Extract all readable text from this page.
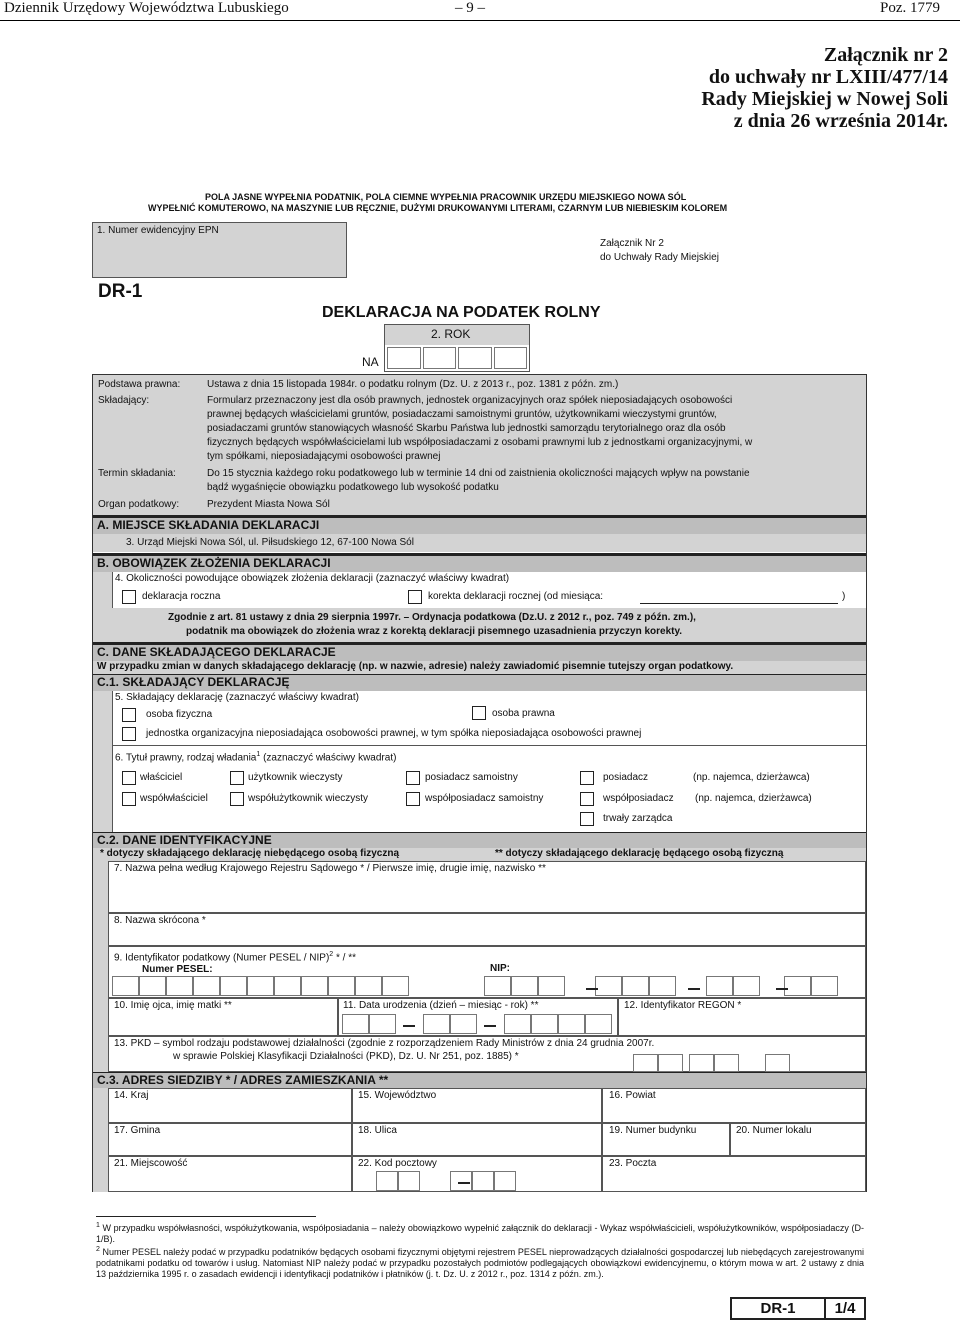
Dziennik Urzędowy Województwa Lubuskiego	– 9 –	Poz. 1779
Załącznik nr 2
do uchwały nr LXIII/477/14
Rady Miejskiej w Nowej Soli
z dnia 26 września 2014r.
POLA JASNE WYPEŁNIA PODATNIK, POLA CIEMNE WYPEŁNIA PRACOWNIK URZĘDU MIEJSKIEGO NOWA SÓL
WYPEŁNIĆ KOMUTEROWO, NA MASZYNIE LUB RĘCZNIE, DUŻYMI DRUKOWANYMI LITERAMI, CZARNYM LUB NIEBIESKIM KOLOREM
1. Numer ewidencyjny EPN
Załącznik Nr 2
do Uchwały Rady Miejskiej
DR-1
DEKLARACJA NA PODATEK ROLNY
2. ROK
NA
Podstawa prawna:	Ustawa z dnia 15 listopada 1984r. o podatku rolnym (Dz. U. z 2013 r., poz. 1381 z późn. zm.)
Składający:	Formularz przeznaczony jest dla osób prawnych, jednostek organizacyjnych oraz spółek nieposiadających osobowości
prawnej będących właścicielami gruntów, posiadaczami samoistnymi gruntów, użytkownikami wieczystymi gruntów,
posiadaczami gruntów stanowiących własność Skarbu Państwa lub jednostki samorządu terytorialnego oraz dla osób
fizycznych będących współwłaścicielami lub współposiadaczami z osobami prawnymi lub z jednostkami organizacyjnymi, w
tym spółkami, nieposiadającymi osobowości prawnej
Termin składania:	Do 15 stycznia każdego roku podatkowego lub w terminie 14 dni od zaistnienia okoliczności mających wpływ na powstanie
bądź wygaśnięcie obowiązku podatkowego lub wysokość podatku
Organ podatkowy:	Prezydent Miasta Nowa Sól
A. MIEJSCE SKŁADANIA DEKLARACJI
3. Urząd Miejski Nowa Sól, ul. Piłsudskiego 12, 67-100 Nowa Sól
B. OBOWIĄZEK ZŁOŻENIA DEKLARACJI
4. Okoliczności powodujące obowiązek złożenia deklaracji (zaznaczyć właściwy kwadrat)
deklaracja roczna	korekta deklaracji rocznej (od miesiąca:	)
Zgodnie z art. 81 ustawy z dnia 29 sierpnia 1997r. – Ordynacja podatkowa (Dz.U. z 2012 r., poz. 749 z późn. zm.),
podatnik ma obowiązek do złożenia wraz z korektą deklaracji pisemnego uzasadnienia przyczyn korekty.
C. DANE SKŁADAJĄCEGO DEKLARACJE
W przypadku zmian w danych składającego deklarację (np. w nazwie, adresie) należy zawiadomić pisemnie tutejszy organ podatkowy.
C.1. SKŁADAJĄCY DEKLARACJĘ
5. Składający deklarację (zaznaczyć właściwy kwadrat)
osoba fizyczna	osoba prawna
jednostka organizacyjna nieposiadająca osobowości prawnej, w tym spółka nieposiadająca osobowości prawnej
6. Tytuł prawny, rodzaj władania$^1$ (zaznaczyć właściwy kwadrat)
właściciel	użytkownik wieczysty	posiadacz samoistny	posiadacz	(np. najemca, dzierżawca)
współwłaściciel	współużytkownik wieczysty	współposiadacz samoistny	współposiadacz (np. najemca, dzierżawca)
trwały zarządca
C.2. DANE IDENTYFIKACYJNE
* dotyczy składającego deklarację niebędącego osobą fizyczną	** dotyczy składającego deklarację będącego osobą fizyczną
7. Nazwa pełna według Krajowego Rejestru Sądowego * / Pierwsze imię, drugie imię, nazwisko **
8. Nazwa skrócona *
9. Identyfikator podatkowy (Numer PESEL / NIP)$^2$ * / **
Numer PESEL:	NIP:
10. Imię ojca, imię matki **	11. Data urodzenia (dzień – miesiąc - rok) **	12. Identyfikator REGON *
13. PKD – symbol rodzaju podstawowej działalności (zgodnie z rozporządzeniem Rady Ministrów z dnia 24 grudnia 2007r.
w sprawie Polskiej Klasyfikacji Działalności (PKD), Dz. U. Nr 251, poz. 1885) *
C.3. ADRES SIEDZIBY * / ADRES ZAMIESZKANIA **
14. Kraj	15. Województwo	16. Powiat
17. Gmina	18. Ulica	19. Numer budynku	20. Numer lokalu
21. Miejscowość	22. Kod pocztowy	23. Poczta
$^1$ W przypadku współwłasności, współużytkowania, współposiadania – należy obowiązkowo wypełnić załącznik do deklaracji - Wykaz współwłaścicieli, współużytkowników, współposiadaczy (D-1/B).
$^2$ Numer PESEL należy podać w przypadku podatników będących osobami fizycznymi objętymi rejestrem PESEL nieprowadzących działalności gospodarczej lub niebędących zarejestrowanymi podatnikami podatku od towarów i usług. Natomiast NIP należy podać w przypadku pozostałych podmiotów podlegających obowiązkowi ewidencyjnemu, o którym mowa w art. 2 ustawy z dnia 13 października 1995 r. o zasadach ewidencji i identyfikacji podatników i płatników (j. t. Dz. U. z 2012 r., poz. 1314 z późn. zm.).
DR-1	1/4
